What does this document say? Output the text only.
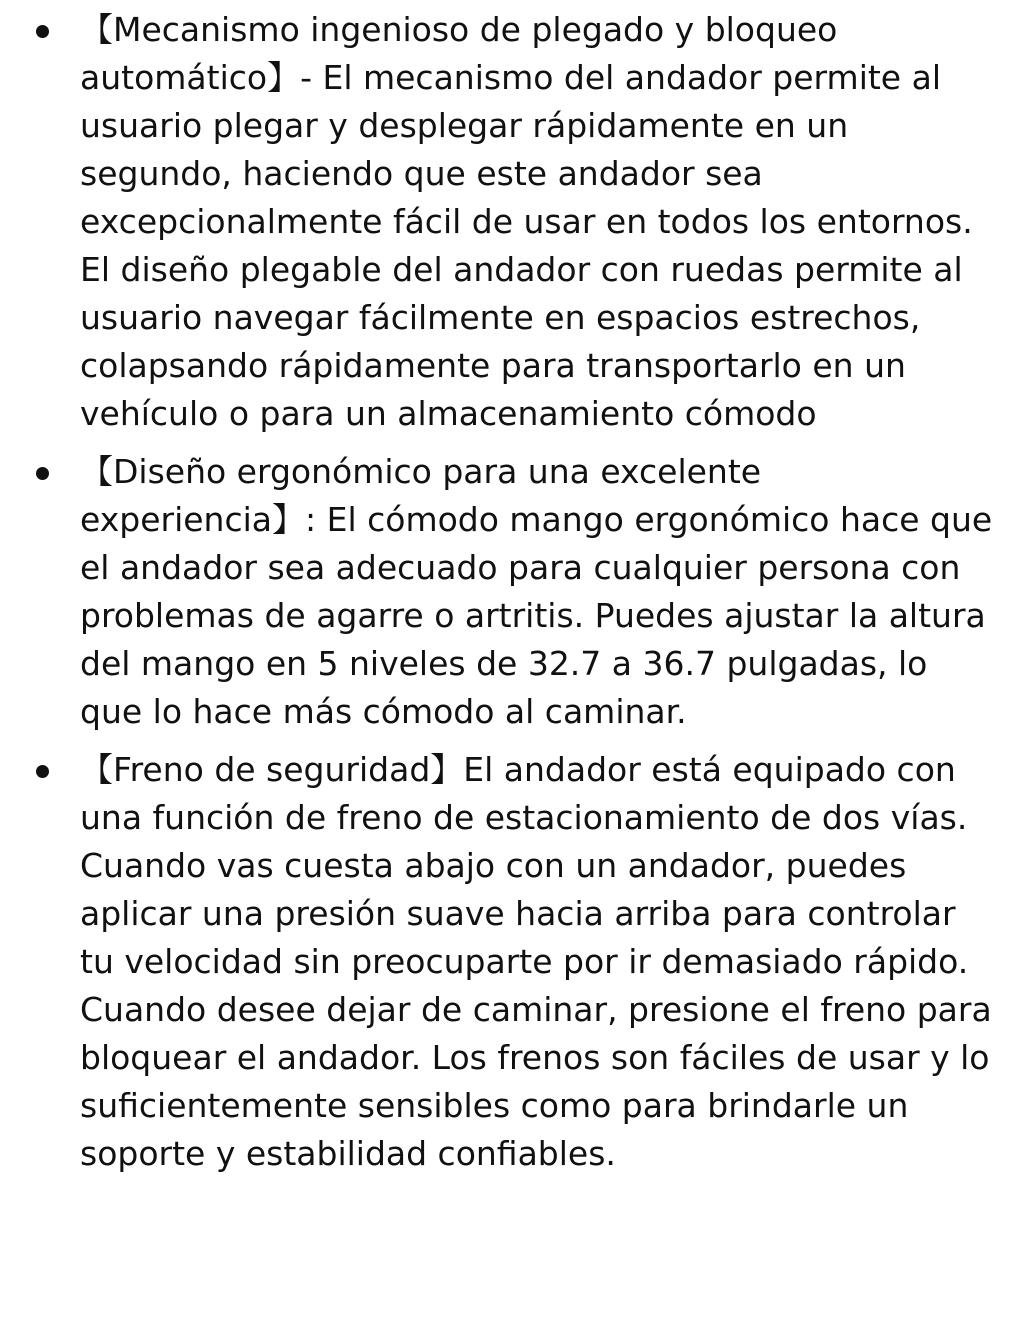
【Mecanismo ingenioso de plegado y bloqueo automático】- El mecanismo del andador permite al usuario plegar y desplegar rápidamente en un segundo, haciendo que este andador sea excepcionalmente fácil de usar en todos los entornos. El diseño plegable del andador con ruedas permite al usuario navegar fácilmente en espacios estrechos, colapsando rápidamente para transportarlo en un vehículo o para un almacenamiento cómodo
【Diseño ergonómico para una excelente experiencia】: El cómodo mango ergonómico hace que el andador sea adecuado para cualquier persona con problemas de agarre o artritis. Puedes ajustar la altura del mango en 5 niveles de 32.7 a 36.7 pulgadas, lo que lo hace más cómodo al caminar.
【Freno de seguridad】El andador está equipado con una función de freno de estacionamiento de dos vías. Cuando vas cuesta abajo con un andador, puedes aplicar una presión suave hacia arriba para controlar tu velocidad sin preocuparte por ir demasiado rápido. Cuando desee dejar de caminar, presione el freno para bloquear el andador. Los frenos son fáciles de usar y lo suficientemente sensibles como para brindarle un soporte y estabilidad confiables.
